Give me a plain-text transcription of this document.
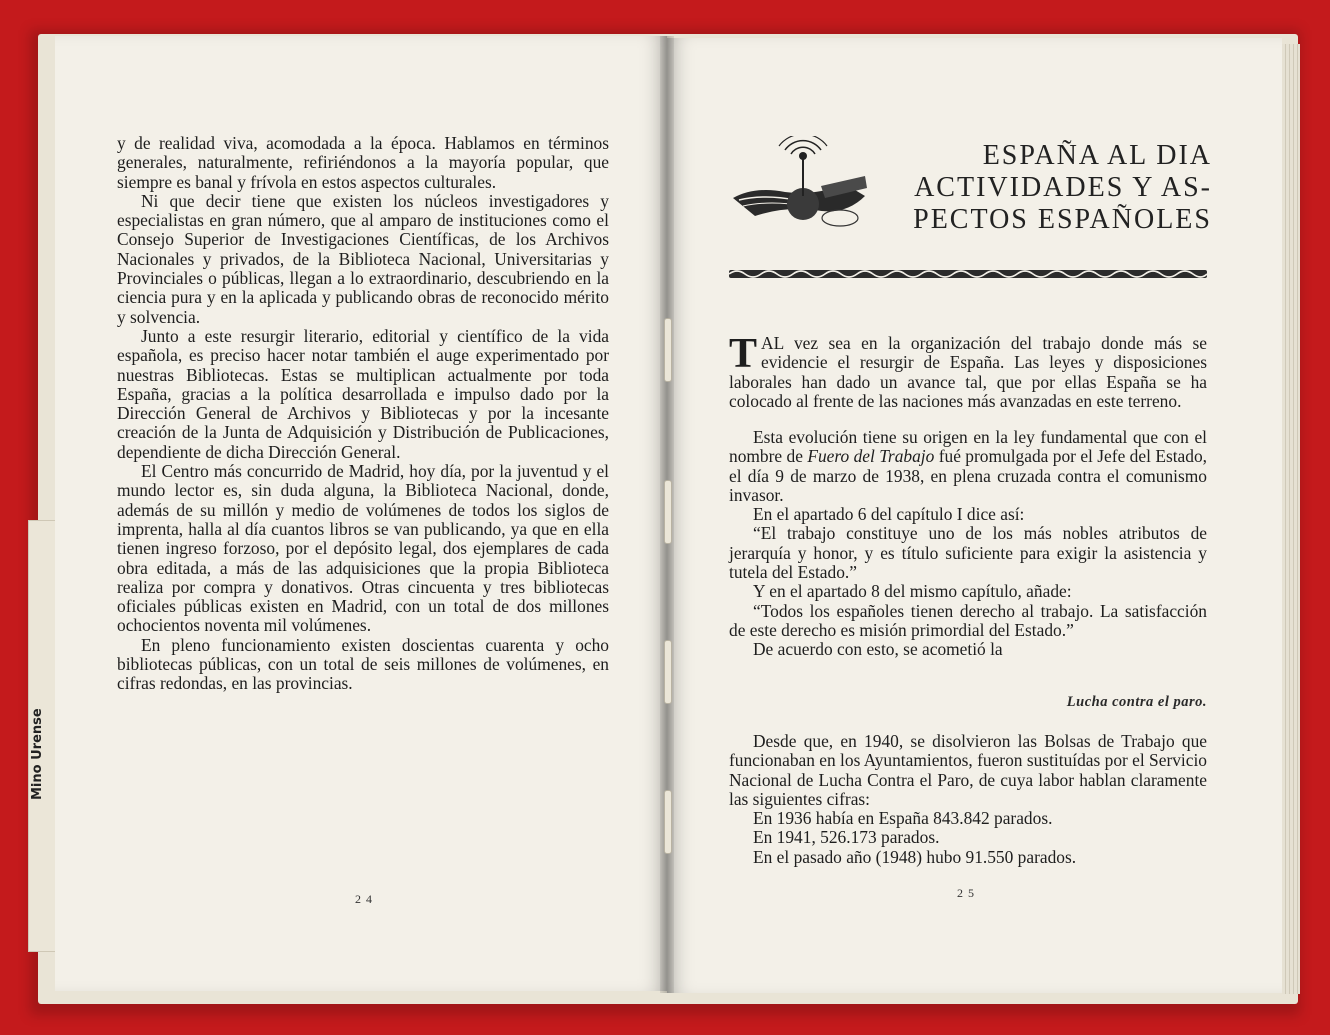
Mino Urense

y de realidad viva, acomodada a la época. Hablamos en términos generales, naturalmente, refiriéndonos a la mayoría popular, que siempre es banal y frívola en estos aspectos culturales.

Ni que decir tiene que existen los núcleos investigadores y especialistas en gran número, que al amparo de instituciones como el Consejo Superior de Investigaciones Científicas, de los Archivos Nacionales y privados, de la Biblioteca Nacional, Universitarias y Provinciales o públicas, llegan a lo extraordinario, descubriendo en la ciencia pura y en la aplicada y publicando obras de reconocido mérito y solvencia.

Junto a este resurgir literario, editorial y científico de la vida española, es preciso hacer notar también el auge experimentado por nuestras Bibliotecas. Estas se multiplican actualmente por toda España, gracias a la política desarrollada e impulso dado por la Dirección General de Archivos y Bibliotecas y por la incesante creación de la Junta de Adquisición y Distribución de Publicaciones, dependiente de dicha Dirección General.

El Centro más concurrido de Madrid, hoy día, por la juventud y el mundo lector es, sin duda alguna, la Biblioteca Nacional, donde, además de su millón y medio de volúmenes de todos los siglos de imprenta, halla al día cuantos libros se van publicando, ya que en ella tienen ingreso forzoso, por el depósito legal, dos ejemplares de cada obra editada, a más de las adquisiciones que la propia Biblioteca realiza por compra y donativos. Otras cincuenta y tres bibliotecas oficiales públicas existen en Madrid, con un total de dos millones ochocientos noventa mil volúmenes.

En pleno funcionamiento existen doscientas cuarenta y ocho bibliotecas públicas, con un total de seis millones de volúmenes, en cifras redondas, en las provincias.

24
ESPAÑA AL DIA
ACTIVIDADES Y AS-
PECTOS ESPAÑOLES
TAL vez sea en la organización del trabajo donde más se evidencie el resurgir de España. Las leyes y disposiciones laborales han dado un avance tal, que por ellas España se ha colocado al frente de las naciones más avanzadas en este terreno.

Esta evolución tiene su origen en la ley fundamental que con el nombre de Fuero del Trabajo fué promulgada por el Jefe del Estado, el día 9 de marzo de 1938, en plena cruzada contra el comunismo invasor.

En el apartado 6 del capítulo I dice así:

“El trabajo constituye uno de los más nobles atributos de jerarquía y honor, y es título suficiente para exigir la asistencia y tutela del Estado.”

Y en el apartado 8 del mismo capítulo, añade:

“Todos los españoles tienen derecho al trabajo. La satisfacción de este derecho es misión primordial del Estado.”

De acuerdo con esto, se acometió la

Lucha contra el paro.

Desde que, en 1940, se disolvieron las Bolsas de Trabajo que funcionaban en los Ayuntamientos, fueron sustituídas por el Servicio Nacional de Lucha Contra el Paro, de cuya labor hablan claramente las siguientes cifras:

En 1936 había en España 843.842 parados.

En 1941, 526.173 parados.

En el pasado año (1948) hubo 91.550 parados.

25
